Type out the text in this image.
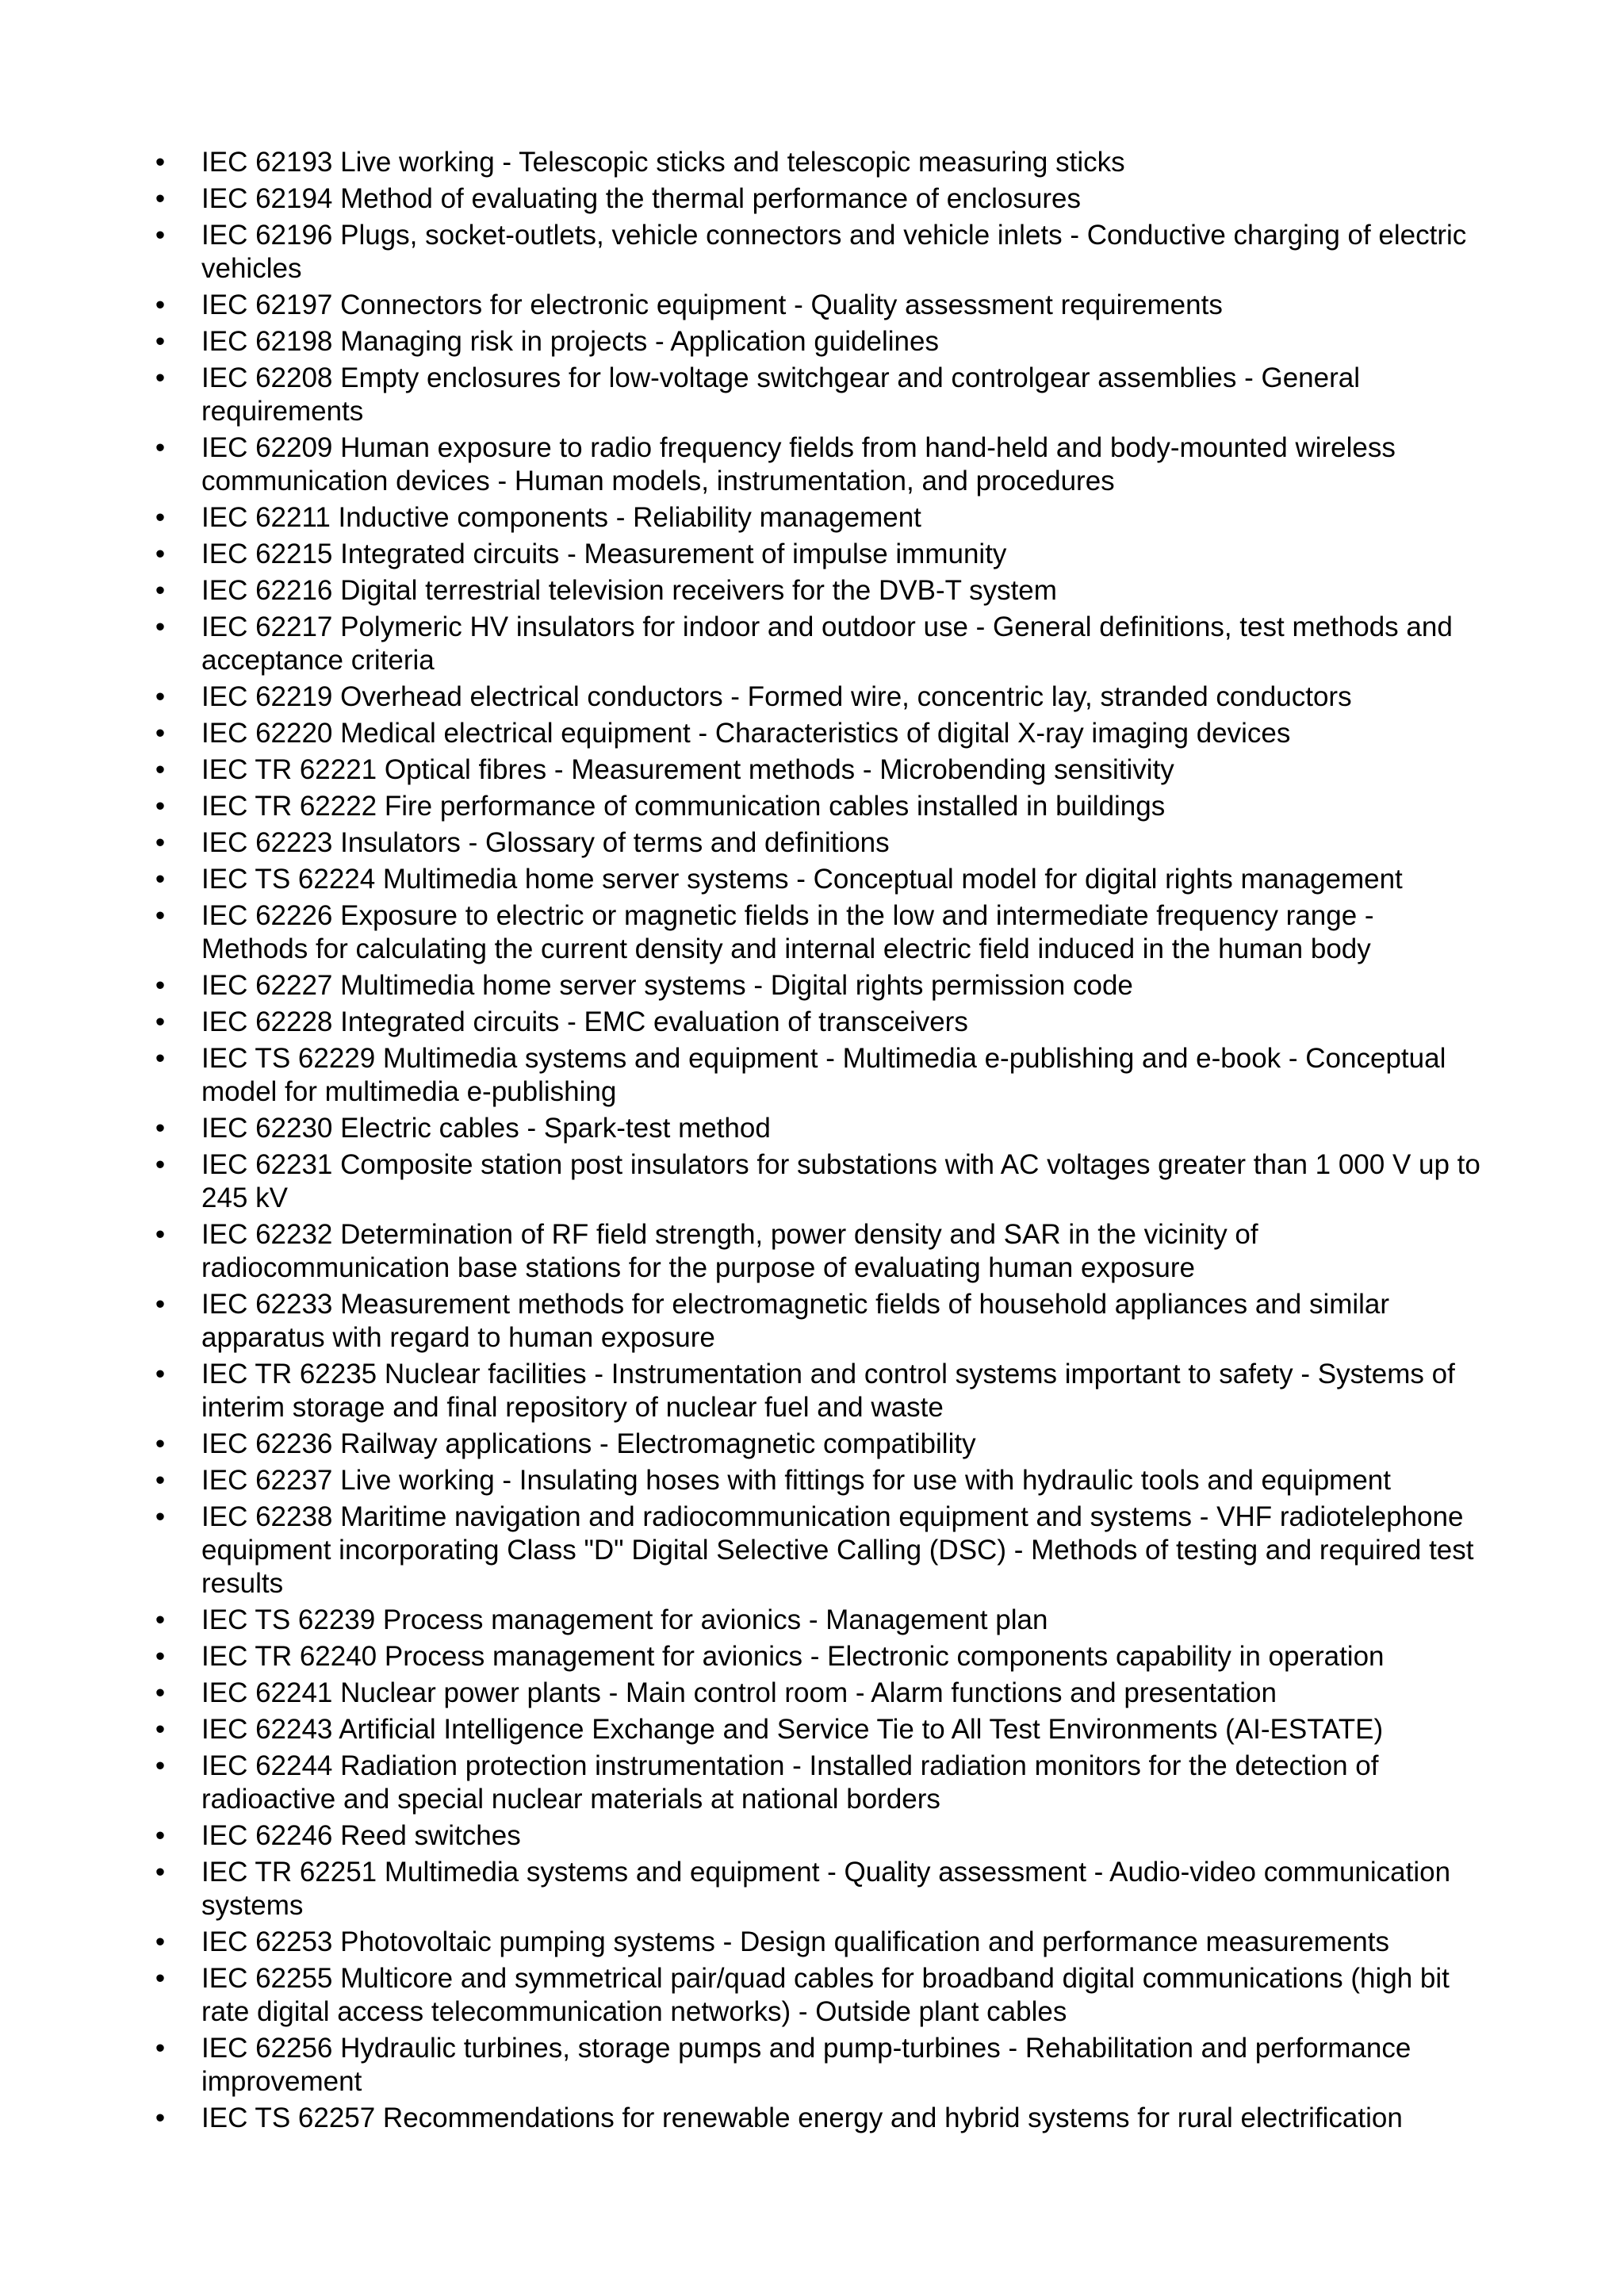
• IEC 62193 Live working - Telescopic sticks and telescopic measuring sticks
• IEC 62194 Method of evaluating the thermal performance of enclosures
• IEC 62196 Plugs, socket-outlets, vehicle connectors and vehicle inlets - Conductive charging of electric vehicles
• IEC 62197 Connectors for electronic equipment - Quality assessment requirements
• IEC 62198 Managing risk in projects - Application guidelines
• IEC 62208 Empty enclosures for low-voltage switchgear and controlgear assemblies - General requirements
• IEC 62209 Human exposure to radio frequency fields from hand-held and body-mounted wireless communication devices - Human models, instrumentation, and procedures
• IEC 62211 Inductive components - Reliability management
• IEC 62215 Integrated circuits - Measurement of impulse immunity
• IEC 62216 Digital terrestrial television receivers for the DVB-T system
• IEC 62217 Polymeric HV insulators for indoor and outdoor use - General definitions, test methods and acceptance criteria
• IEC 62219 Overhead electrical conductors - Formed wire, concentric lay, stranded conductors
• IEC 62220 Medical electrical equipment - Characteristics of digital X-ray imaging devices
• IEC TR 62221 Optical fibres - Measurement methods - Microbending sensitivity
• IEC TR 62222 Fire performance of communication cables installed in buildings
• IEC 62223 Insulators - Glossary of terms and definitions
• IEC TS 62224 Multimedia home server systems - Conceptual model for digital rights management
• IEC 62226 Exposure to electric or magnetic fields in the low and intermediate frequency range - Methods for calculating the current density and internal electric field induced in the human body
• IEC 62227 Multimedia home server systems - Digital rights permission code
• IEC 62228 Integrated circuits - EMC evaluation of transceivers
• IEC TS 62229 Multimedia systems and equipment - Multimedia e-publishing and e-book - Conceptual model for multimedia e-publishing
• IEC 62230 Electric cables - Spark-test method
• IEC 62231 Composite station post insulators for substations with AC voltages greater than 1 000 V up to 245 kV
• IEC 62232 Determination of RF field strength, power density and SAR in the vicinity of radiocommunication base stations for the purpose of evaluating human exposure
• IEC 62233 Measurement methods for electromagnetic fields of household appliances and similar apparatus with regard to human exposure
• IEC TR 62235 Nuclear facilities - Instrumentation and control systems important to safety - Systems of interim storage and final repository of nuclear fuel and waste
• IEC 62236 Railway applications - Electromagnetic compatibility
• IEC 62237 Live working - Insulating hoses with fittings for use with hydraulic tools and equipment
• IEC 62238 Maritime navigation and radiocommunication equipment and systems - VHF radiotelephone equipment incorporating Class "D" Digital Selective Calling (DSC) - Methods of testing and required test results
• IEC TS 62239 Process management for avionics - Management plan
• IEC TR 62240 Process management for avionics - Electronic components capability in operation
• IEC 62241 Nuclear power plants - Main control room - Alarm functions and presentation
• IEC 62243 Artificial Intelligence Exchange and Service Tie to All Test Environments (AI-ESTATE)
• IEC 62244 Radiation protection instrumentation - Installed radiation monitors for the detection of radioactive and special nuclear materials at national borders
• IEC 62246 Reed switches
• IEC TR 62251 Multimedia systems and equipment - Quality assessment - Audio-video communication systems
• IEC 62253 Photovoltaic pumping systems - Design qualification and performance measurements
• IEC 62255 Multicore and symmetrical pair/quad cables for broadband digital communications (high bit rate digital access telecommunication networks) - Outside plant cables
• IEC 62256 Hydraulic turbines, storage pumps and pump-turbines - Rehabilitation and performance improvement
• IEC TS 62257 Recommendations for renewable energy and hybrid systems for rural electrification
